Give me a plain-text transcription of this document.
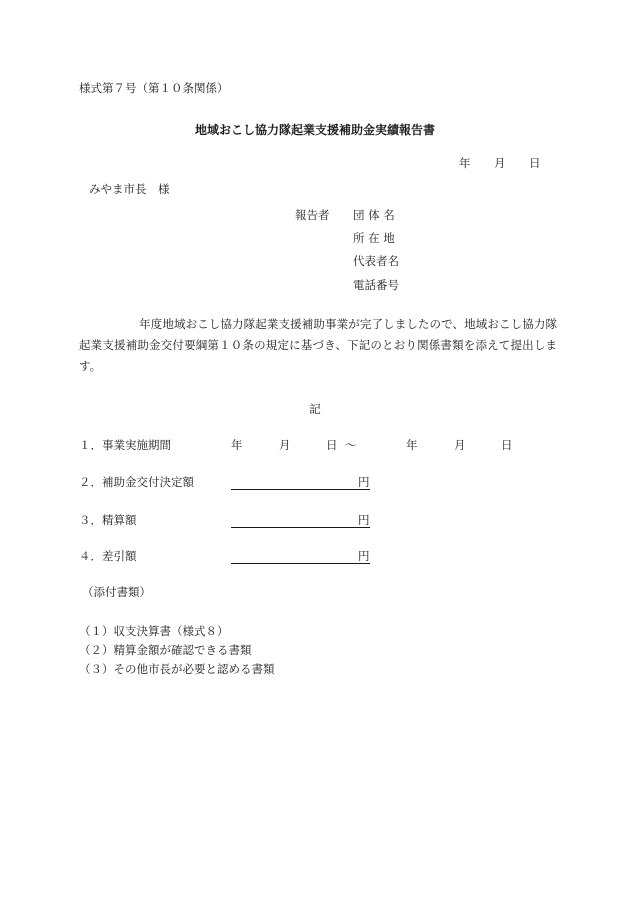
様式第７号（第１０条関係）
地域おこし協力隊起業支援補助金実績報告書
年 月 日
みやま市長　様
報告者 団 体 名
所 在 地
代表者名
電話番号
年度地域おこし協力隊起業支援補助事業が完了しましたので、地域おこし協力隊起業支援補助金交付要綱第１０条の規定に基づき、下記のとおり関係書類を添えて提出します。
記
１．事業実施期間	年	月	日 ～	年	月	日
２．補助金交付決定額	円
３．精算額	円
４．差引額	円
（添付書類）
（１）収支決算書（様式８）
（２）精算金額が確認できる書類
（３）その他市長が必要と認める書類
